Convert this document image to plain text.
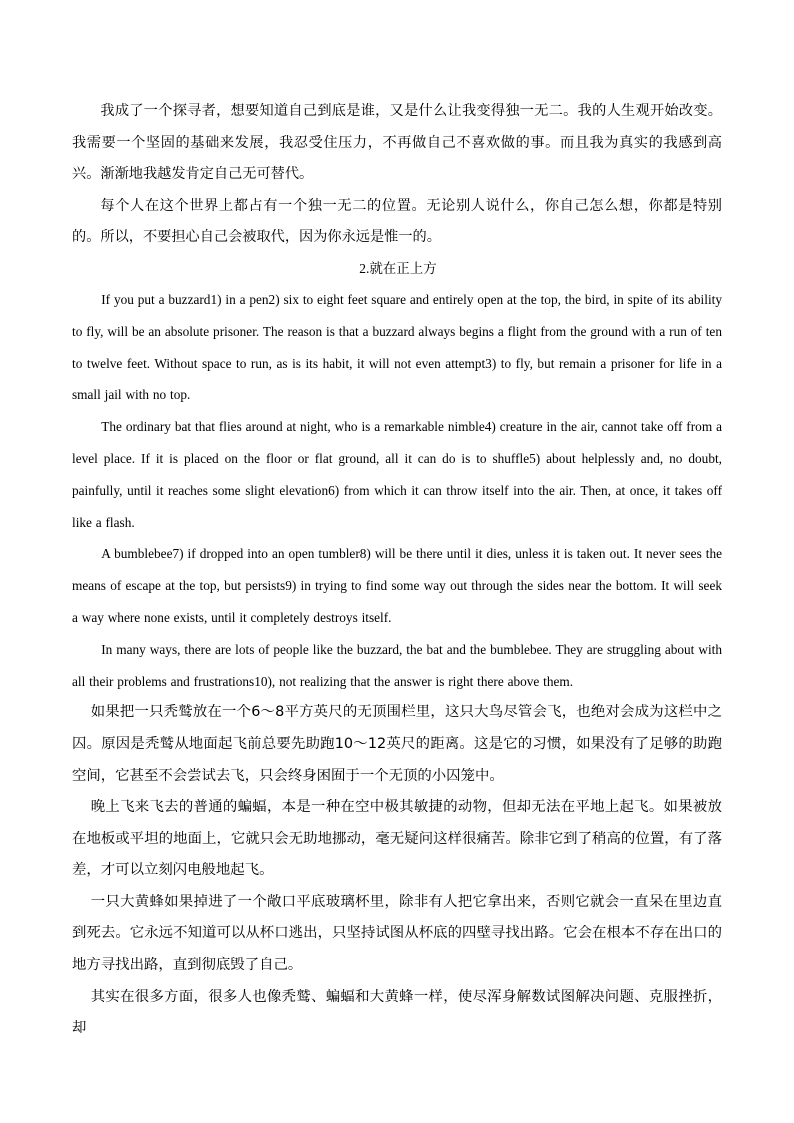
我成了一个探寻者，想要知道自己到底是谁，又是什么让我变得独一无二。我的人生观开始改变。我需要一个坚固的基础来发展，我忍受住压力，不再做自己不喜欢做的事。而且我为真实的我感到高兴。渐渐地我越发肯定自己无可替代。

每个人在这个世界上都占有一个独一无二的位置。无论别人说什么，你自己怎么想，你都是特别的。所以，不要担心自己会被取代，因为你永远是惟一的。

2.就在正上方

If you put a buzzard1) in a pen2) six to eight feet square and entirely open at the top, the bird, in spite of its ability to fly, will be an absolute prisoner. The reason is that a buzzard always begins a flight from the ground with a run of ten to twelve feet. Without space to run, as is its habit, it will not even attempt3) to fly, but remain a prisoner for life in a small jail with no top.

The ordinary bat that flies around at night, who is a remarkable nimble4) creature in the air, cannot take off from a level place. If it is placed on the floor or flat ground, all it can do is to shuffle5) about helplessly and, no doubt, painfully, until it reaches some slight elevation6) from which it can throw itself into the air. Then, at once, it takes off like a flash.

A bumblebee7) if dropped into an open tumbler8) will be there until it dies, unless it is taken out. It never sees the means of escape at the top, but persists9) in trying to find some way out through the sides near the bottom. It will seek a way where none exists, until it completely destroys itself.

In many ways, there are lots of people like the buzzard, the bat and the bumblebee. They are struggling about with all their problems and frustrations10), not realizing that the answer is right there above them.

如果把一只秃鹫放在一个6～8平方英尺的无顶围栏里，这只大鸟尽管会飞，也绝对会成为这栏中之囚。原因是秃鹫从地面起飞前总要先助跑10～12英尺的距离。这是它的习惯，如果没有了足够的助跑空间，它甚至不会尝试去飞，只会终身困囿于一个无顶的小囚笼中。

晚上飞来飞去的普通的蝙蝠，本是一种在空中极其敏捷的动物，但却无法在平地上起飞。如果被放在地板或平坦的地面上，它就只会无助地挪动，毫无疑问这样很痛苦。除非它到了稍高的位置，有了落差，才可以立刻闪电般地起飞。

一只大黄蜂如果掉进了一个敞口平底玻璃杯里，除非有人把它拿出来，否则它就会一直呆在里边直到死去。它永远不知道可以从杯口逃出，只坚持试图从杯底的四壁寻找出路。它会在根本不存在出口的地方寻找出路，直到彻底毁了自己。

其实在很多方面，很多人也像秃鹫、蝙蝠和大黄蜂一样，使尽浑身解数试图解决问题、克服挫折，却
